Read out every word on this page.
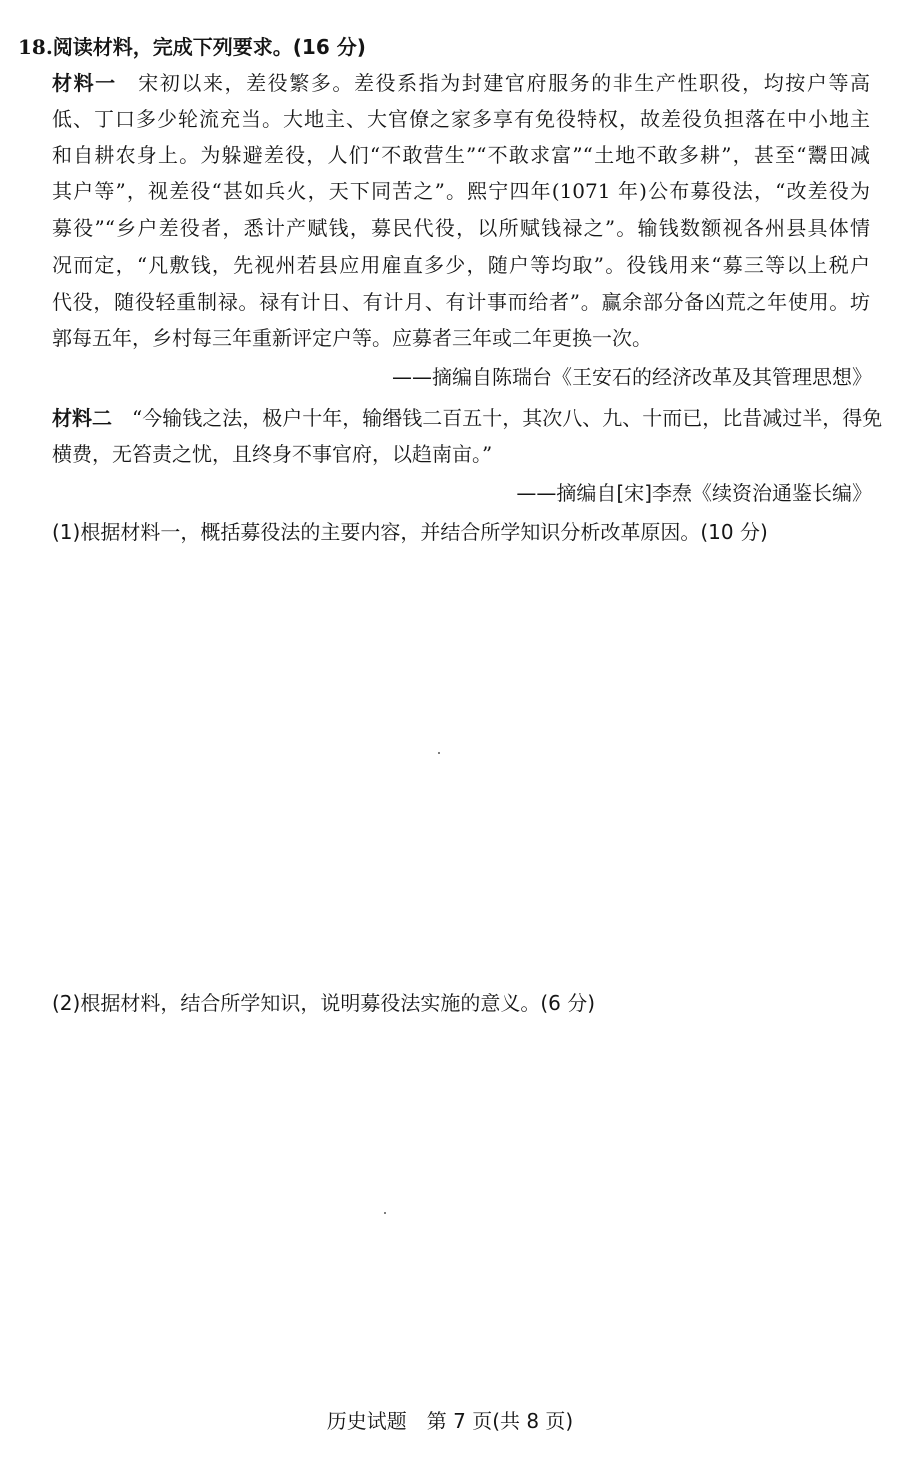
18.阅读材料，完成下列要求。(16 分)
材料一　 宋初以来，差役繁多。差役系指为封建官府服务的非生产性职役，均按户等高
低、丁口多少轮流充当。大地主、大官僚之家多享有免役特权，故差役负担落在中小地主
和自耕农身上。为躲避差役，人们“不敢营生”“不敢求富”“土地不敢多耕”，甚至“鬻田减
其户等”，视差役“甚如兵火，天下同苦之”。熙宁四年(1071 年)公布募役法，“改差役为
募役”“乡户差役者，悉计产赋钱，募民代役，以所赋钱禄之”。输钱数额视各州县具体情
况而定，“凡敷钱，先视州若县应用雇直多少，随户等均取”。役钱用来“募三等以上税户
代役，随役轻重制禄。禄有计日、有计月、有计事而给者”。赢余部分备凶荒之年使用。坊
郭每五年，乡村每三年重新评定户等。应募者三年或二年更换一次。
——摘编自陈瑞台《王安石的经济改革及其管理思想》
材料二　 “今输钱之法，极户十年，输缗钱二百五十，其次八、九、十而已，比昔减过半，得免
横费，无笞责之忧，且终身不事官府，以趋南亩。”
——摘编自[宋]李焘《续资治通鉴长编》
(1)根据材料一，概括募役法的主要内容，并结合所学知识分析改革原因。(10 分)
(2)根据材料，结合所学知识，说明募役法实施的意义。(6 分)
历史试题　第 7 页(共 8 页)
